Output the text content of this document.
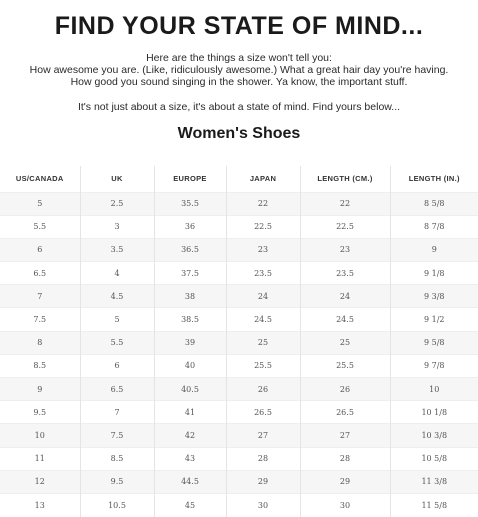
FIND YOUR STATE OF MIND...
Here are the things a size won't tell you:
How awesome you are. (Like, ridiculously awesome.) What a great hair day you're having.
How good you sound singing in the shower. Ya know, the important stuff.
It's not just about a size, it's about a state of mind. Find yours below...
Women's Shoes
US/CANADA	UK	EUROPE	JAPAN	LENGTH (CM.)	LENGTH (IN.)
5	2.5	35.5	22	22	8 5/8
5.5	3	36	22.5	22.5	8 7/8
6	3.5	36.5	23	23	9
6.5	4	37.5	23.5	23.5	9 1/8
7	4.5	38	24	24	9 3/8
7.5	5	38.5	24.5	24.5	9 1/2
8	5.5	39	25	25	9 5/8
8.5	6	40	25.5	25.5	9 7/8
9	6.5	40.5	26	26	10
9.5	7	41	26.5	26.5	10 1/8
10	7.5	42	27	27	10 3/8
11	8.5	43	28	28	10 5/8
12	9.5	44.5	29	29	11 3/8
13	10.5	45	30	30	11 5/8
